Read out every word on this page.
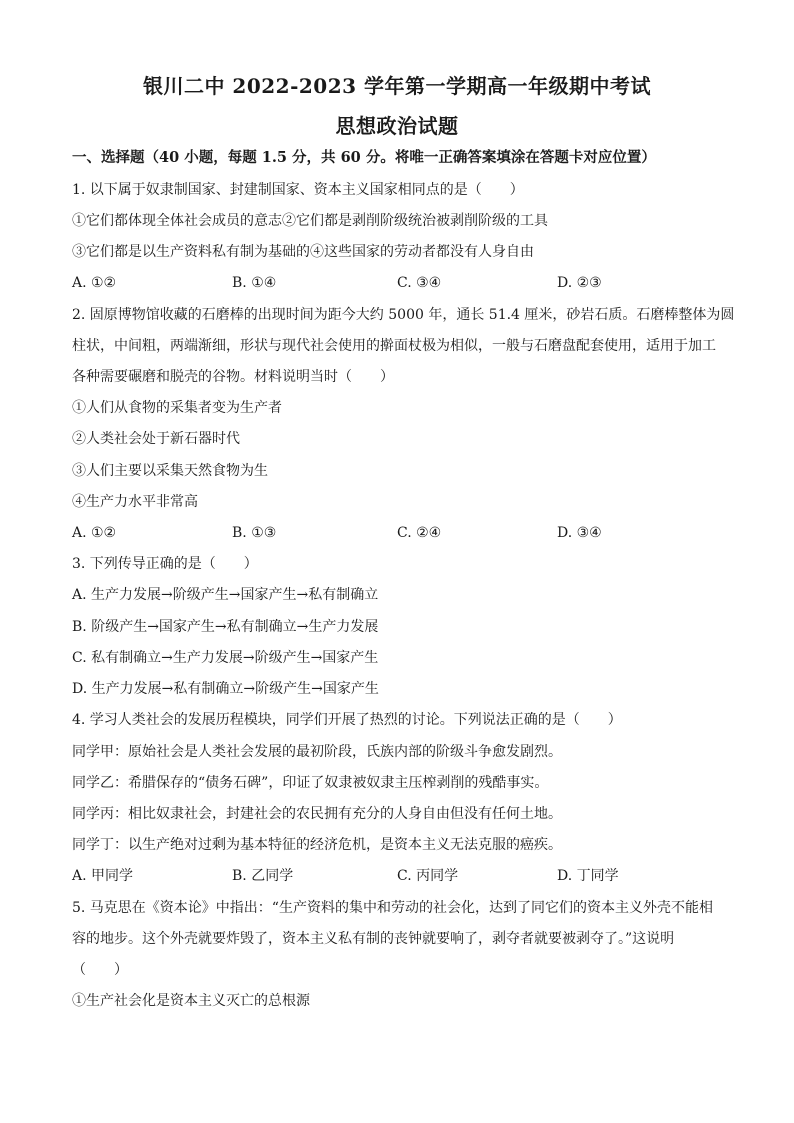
银川二中 2022-2023 学年第一学期高一年级期中考试
思想政治试题
一、选择题（40 小题，每题 1.5 分，共 60 分。将唯一正确答案填涂在答题卡对应位置）
1. 以下属于奴隶制国家、封建制国家、资本主义国家相同点的是（　　）
①它们都体现全体社会成员的意志②它们都是剥削阶级统治被剥削阶级的工具
③它们都是以生产资料私有制为基础的④这些国家的劳动者都没有人身自由
A. ①②	B. ①④	C. ③④	D. ②③
2. 固原博物馆收藏的石磨棒的出现时间为距今大约 5000 年，通长 51.4 厘米，砂岩石质。石磨棒整体为圆
柱状，中间粗，两端渐细，形状与现代社会使用的擀面杖极为相似，一般与石磨盘配套使用，适用于加工
各种需要碾磨和脱壳的谷物。材料说明当时（　　）
①人们从食物的采集者变为生产者
②人类社会处于新石器时代
③人们主要以采集天然食物为生
④生产力水平非常高
A. ①②	B. ①③	C. ②④	D. ③④
3. 下列传导正确的是（　　）
A. 生产力发展→阶级产生→国家产生→私有制确立
B. 阶级产生→国家产生→私有制确立→生产力发展
C. 私有制确立→生产力发展→阶级产生→国家产生
D. 生产力发展→私有制确立→阶级产生→国家产生
4. 学习人类社会的发展历程模块，同学们开展了热烈的讨论。下列说法正确的是（　　）
同学甲：原始社会是人类社会发展的最初阶段，氏族内部的阶级斗争愈发剧烈。
同学乙：希腊保存的“债务石碑”，印证了奴隶被奴隶主压榨剥削的残酷事实。
同学丙：相比奴隶社会，封建社会的农民拥有充分的人身自由但没有任何土地。
同学丁：以生产绝对过剩为基本特征的经济危机，是资本主义无法克服的癌疾。
A. 甲同学	B. 乙同学	C. 丙同学	D. 丁同学
5. 马克思在《资本论》中指出：“生产资料的集中和劳动的社会化，达到了同它们的资本主义外壳不能相
容的地步。这个外壳就要炸毁了，资本主义私有制的丧钟就要响了，剥夺者就要被剥夺了。”这说明
（　　）
①生产社会化是资本主义灭亡的总根源
